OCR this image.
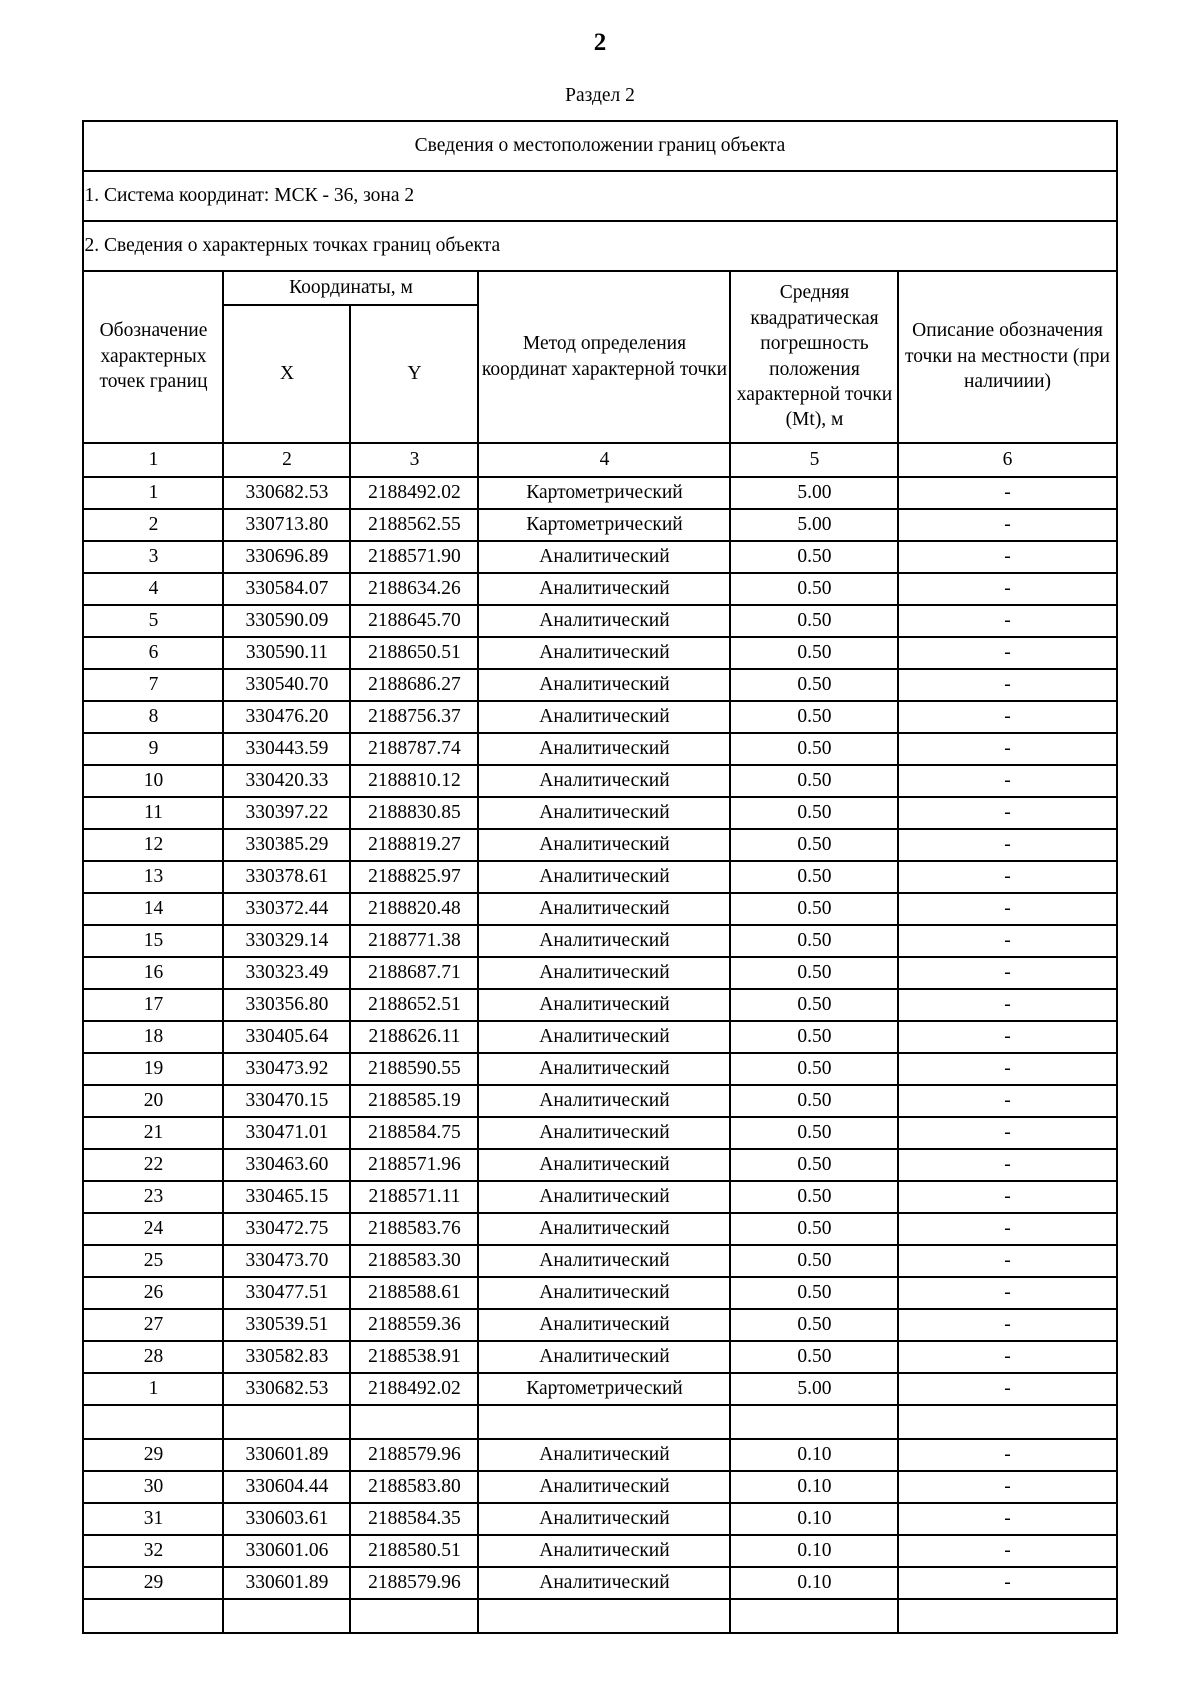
2
Раздел 2
Сведения о местоположении границ объекта
1. Система координат: МСК - 36, зона 2
2. Сведения о характерных точках границ объекта
Обозначение характерных точек границ	Координаты, м	Метод определения координат характерной точки	Средняя квадратическая погрешность положения характерной точки (Mt), м	Описание обозначения точки на местности (при наличиии)
X	Y
1	2	3	4	5	6
1	330682.53	2188492.02	Картометрический	5.00	-
2	330713.80	2188562.55	Картометрический	5.00	-
3	330696.89	2188571.90	Аналитический	0.50	-
4	330584.07	2188634.26	Аналитический	0.50	-
5	330590.09	2188645.70	Аналитический	0.50	-
6	330590.11	2188650.51	Аналитический	0.50	-
7	330540.70	2188686.27	Аналитический	0.50	-
8	330476.20	2188756.37	Аналитический	0.50	-
9	330443.59	2188787.74	Аналитический	0.50	-
10	330420.33	2188810.12	Аналитический	0.50	-
11	330397.22	2188830.85	Аналитический	0.50	-
12	330385.29	2188819.27	Аналитический	0.50	-
13	330378.61	2188825.97	Аналитический	0.50	-
14	330372.44	2188820.48	Аналитический	0.50	-
15	330329.14	2188771.38	Аналитический	0.50	-
16	330323.49	2188687.71	Аналитический	0.50	-
17	330356.80	2188652.51	Аналитический	0.50	-
18	330405.64	2188626.11	Аналитический	0.50	-
19	330473.92	2188590.55	Аналитический	0.50	-
20	330470.15	2188585.19	Аналитический	0.50	-
21	330471.01	2188584.75	Аналитический	0.50	-
22	330463.60	2188571.96	Аналитический	0.50	-
23	330465.15	2188571.11	Аналитический	0.50	-
24	330472.75	2188583.76	Аналитический	0.50	-
25	330473.70	2188583.30	Аналитический	0.50	-
26	330477.51	2188588.61	Аналитический	0.50	-
27	330539.51	2188559.36	Аналитический	0.50	-
28	330582.83	2188538.91	Аналитический	0.50	-
1	330682.53	2188492.02	Картометрический	5.00	-

29	330601.89	2188579.96	Аналитический	0.10	-
30	330604.44	2188583.80	Аналитический	0.10	-
31	330603.61	2188584.35	Аналитический	0.10	-
32	330601.06	2188580.51	Аналитический	0.10	-
29	330601.89	2188579.96	Аналитический	0.10	-
